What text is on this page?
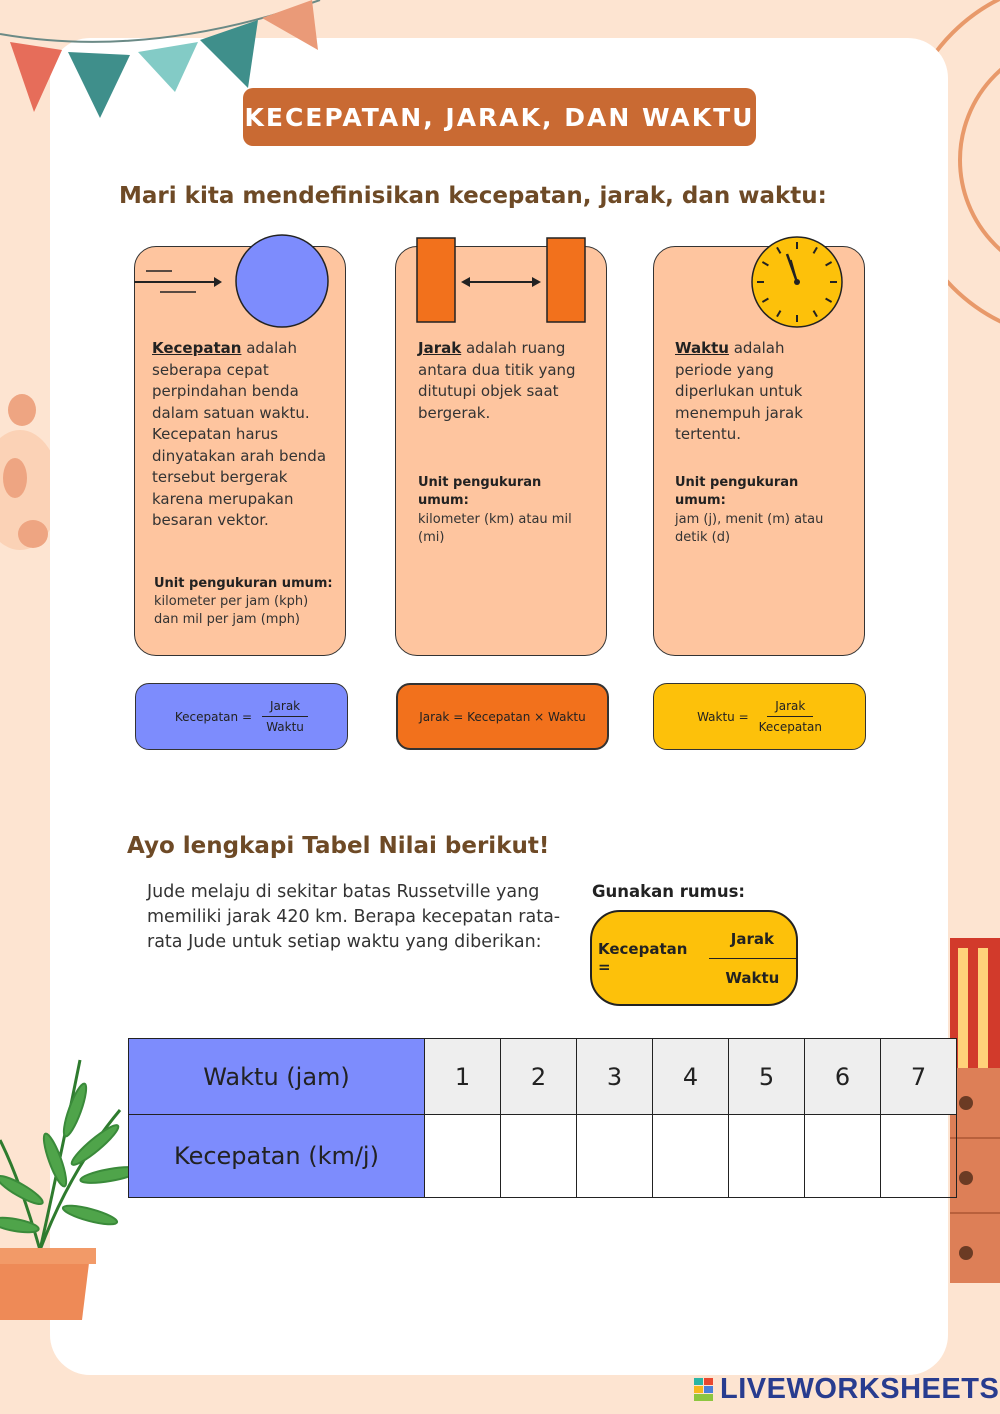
KECEPATAN, JARAK, DAN WAKTU
Mari kita mendefinisikan kecepatan, jarak, dan waktu:
Kecepatan adalah seberapa cepat perpindahan benda dalam satuan waktu. Kecepatan harus dinyatakan arah benda tersebut bergerak karena merupakan besaran vektor.
Unit pengukuran umum:
kilometer per jam (kph) dan mil per jam (mph)
Jarak adalah ruang antara dua titik yang ditutupi objek saat bergerak.
Unit pengukuran umum:
kilometer (km) atau mil (mi)
Waktu adalah periode yang diperlukan untuk menempuh jarak tertentu.
Unit pengukuran umum:
jam (j), menit (m) atau detik (d)
Kecepatan = $\frac{\text{Jarak}}{\text{Waktu}}$	Jarak = Kecepatan × Waktu	Waktu = $\frac{\text{Jarak}}{\text{Kecepatan}}$
Ayo lengkapi Tabel Nilai berikut!
Jude melaju di sekitar batas Russetville yang memiliki jarak 420 km. Berapa kecepatan rata-rata Jude untuk setiap waktu yang diberikan:
Gunakan rumus:
Kecepatan =	$\frac{\text{Jarak}}{\text{Waktu}}$
Waktu (jam)	1	2	3	4	5	6	7
Kecepatan (km/j)							
LIVEWORKSHEETS
